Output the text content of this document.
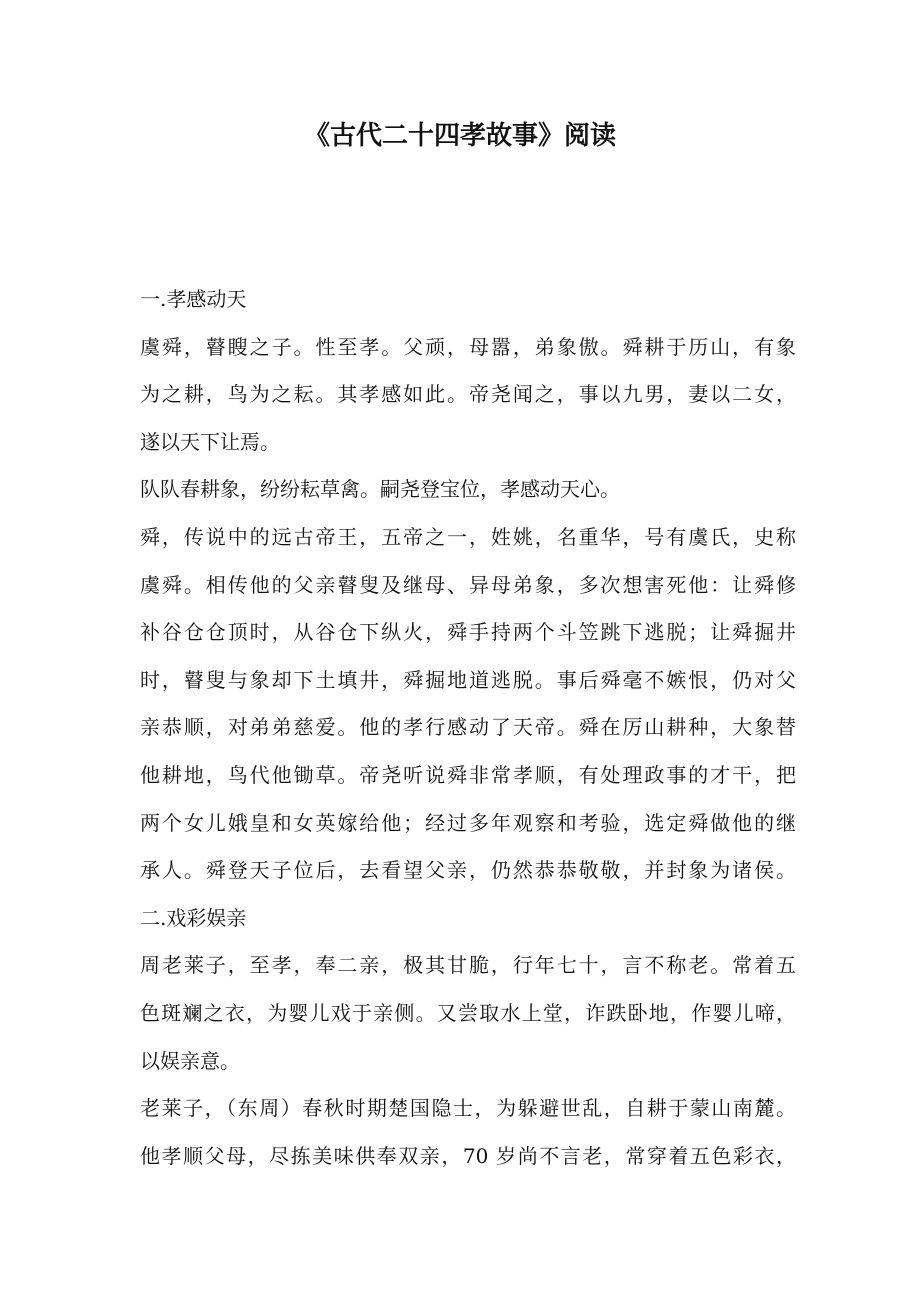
《古代二十四孝故事》阅读
一.孝感动天
虞舜，瞽瞍之子。性至孝。父顽，母嚣，弟象傲。舜耕于历山，有象
为之耕，鸟为之耘。其孝感如此。帝尧闻之，事以九男，妻以二女，
遂以天下让焉。
队队春耕象，纷纷耘草禽。嗣尧登宝位，孝感动天心。
舜，传说中的远古帝王，五帝之一，姓姚，名重华，号有虞氏，史称
虞舜。相传他的父亲瞽叟及继母、异母弟象，多次想害死他：让舜修
补谷仓仓顶时，从谷仓下纵火，舜手持两个斗笠跳下逃脱；让舜掘井
时，瞽叟与象却下土填井，舜掘地道逃脱。事后舜毫不嫉恨，仍对父
亲恭顺，对弟弟慈爱。他的孝行感动了天帝。舜在厉山耕种，大象替
他耕地，鸟代他锄草。帝尧听说舜非常孝顺，有处理政事的才干，把
两个女儿娥皇和女英嫁给他；经过多年观察和考验，选定舜做他的继
承人。舜登天子位后，去看望父亲，仍然恭恭敬敬，并封象为诸侯。
二.戏彩娱亲
周老莱子，至孝，奉二亲，极其甘脆，行年七十，言不称老。常着五
色斑斓之衣，为婴儿戏于亲侧。又尝取水上堂，诈跌卧地，作婴儿啼，
以娱亲意。
老莱子，（东周）春秋时期楚国隐士，为躲避世乱，自耕于蒙山南麓。
他孝顺父母，尽拣美味供奉双亲，70 岁尚不言老，常穿着五色彩衣，
